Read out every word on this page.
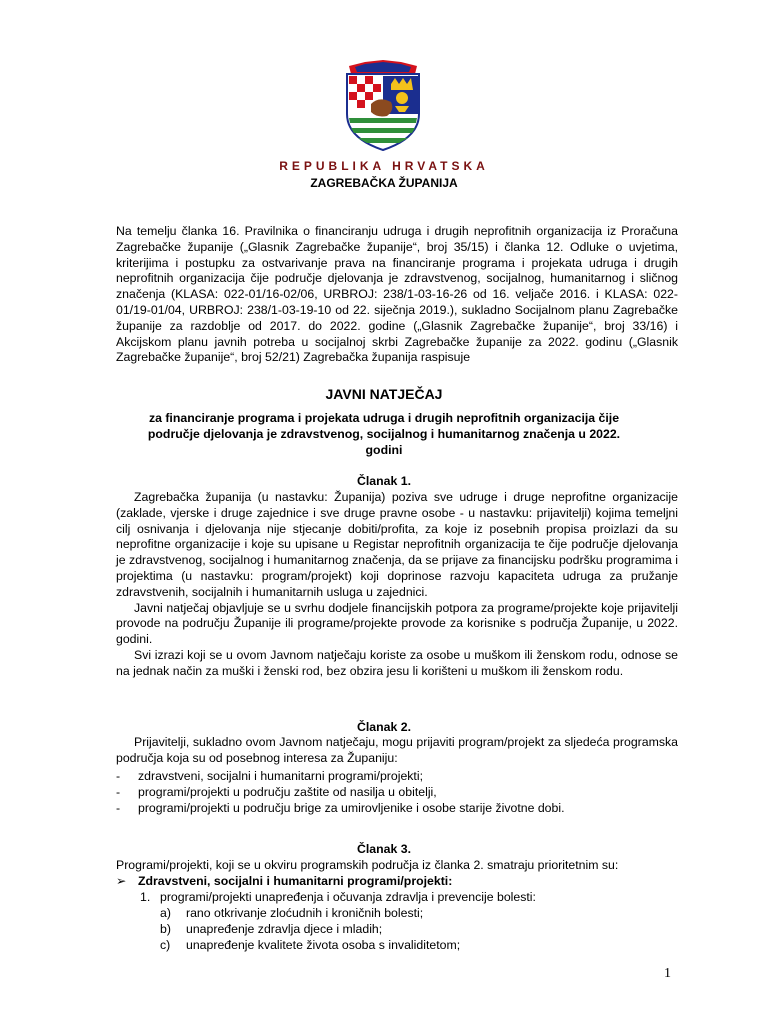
REPUBLIKA HRVATSKA
ZAGREBAČKA ŽUPANIJA
Na temelju članka 16. Pravilnika o financiranju udruga i drugih neprofitnih organizacija iz Proračuna Zagrebačke županije („Glasnik Zagrebačke županije“, broj 35/15) i članka 12. Odluke o uvjetima, kriterijima i postupku za ostvarivanje prava na financiranje programa i projekata udruga i drugih neprofitnih organizacija čije područje djelovanja je zdravstvenog, socijalnog, humanitarnog i sličnog značenja (KLASA: 022-01/16-02/06, URBROJ: 238/1-03-16-26 od 16. veljače 2016. i KLASA: 022-01/19-01/04, URBROJ: 238/1-03-19-10 od 22. siječnja 2019.), sukladno Socijalnom planu Zagrebačke županije za razdoblje od 2017. do 2022. godine („Glasnik Zagrebačke županije“, broj 33/16) i Akcijskom planu javnih potreba u socijalnoj skrbi Zagrebačke županije za 2022. godinu („Glasnik Zagrebačke županije“, broj 52/21) Zagrebačka županija raspisuje
JAVNI NATJEČAJ
za financiranje programa i projekata udruga i drugih neprofitnih organizacija čije područje djelovanja je zdravstvenog, socijalnog i humanitarnog značenja u 2022. godini
Članak 1.
Zagrebačka županija (u nastavku: Županija) poziva sve udruge i druge neprofitne organizacije (zaklade, vjerske i druge zajednice i sve druge pravne osobe - u nastavku: prijavitelji) kojima temeljni cilj osnivanja i djelovanja nije stjecanje dobiti/profita, za koje iz posebnih propisa proizlazi da su neprofitne organizacije i koje su upisane u Registar neprofitnih organizacija te čije područje djelovanja je zdravstvenog, socijalnog i humanitarnog značenja, da se prijave za financijsku podršku programima i projektima (u nastavku: program/projekt) koji doprinose razvoju kapaciteta udruga za pružanje zdravstvenih, socijalnih i humanitarnih usluga u zajednici.
Javni natječaj objavljuje se u svrhu dodjele financijskih potpora za programe/projekte koje prijavitelji provode na području Županije ili programe/projekte provode za korisnike s područja Županije, u 2022. godini.
Svi izrazi koji se u ovom Javnom natječaju koriste za osobe u muškom ili ženskom rodu, odnose se na jednak način za muški i ženski rod, bez obzira jesu li korišteni u muškom ili ženskom rodu.
Članak 2.
Prijavitelji, sukladno ovom Javnom natječaju, mogu prijaviti program/projekt za sljedeća programska područja koja su od posebnog interesa za Županiju:
- zdravstveni, socijalni i humanitarni programi/projekti;
- programi/projekti u području zaštite od nasilja u obitelji,
- programi/projekti u području brige za umirovljenike i osobe starije životne dobi.
Članak 3.
Programi/projekti, koji se u okviru programskih područja iz članka 2. smatraju prioritetnim su:
➢ Zdravstveni, socijalni i humanitarni programi/projekti:
1. programi/projekti unapređenja i očuvanja zdravlja i prevencije bolesti:
a) rano otkrivanje zloćudnih i kroničnih bolesti;
b) unapređenje zdravlja djece i mladih;
c) unapređenje kvalitete života osoba s invaliditetom;
1
